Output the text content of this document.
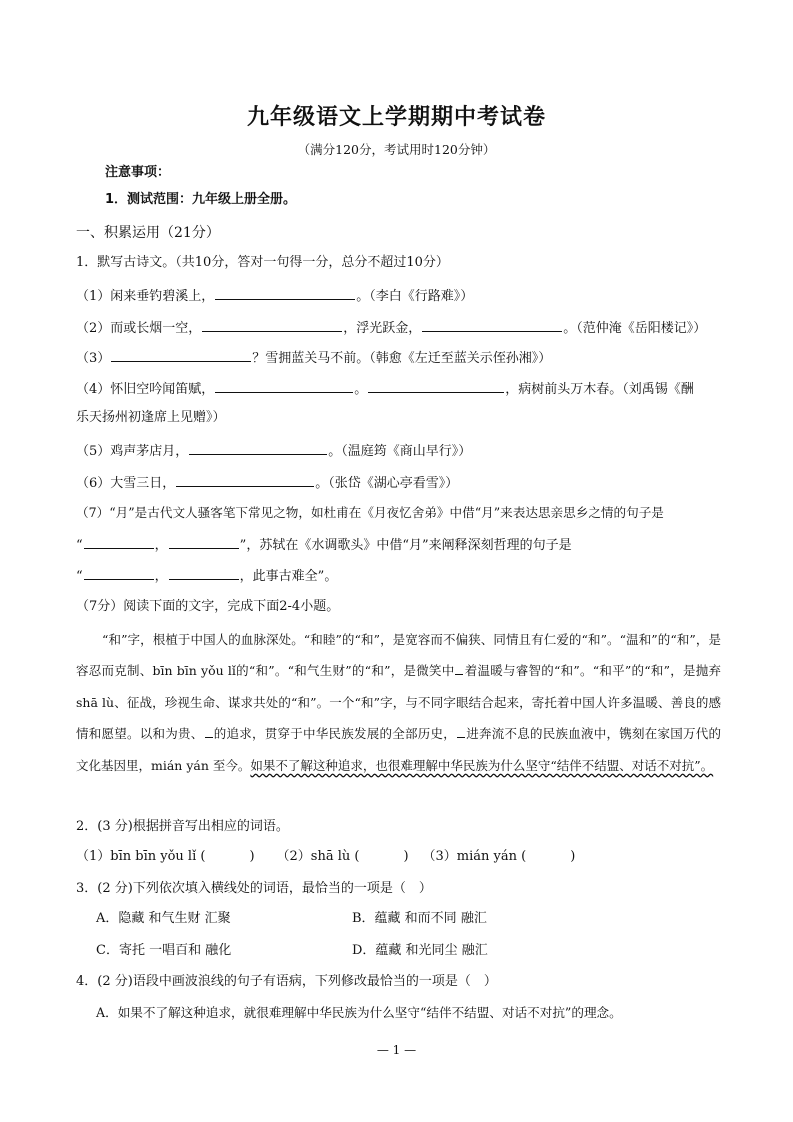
九年级语文上学期期中考试卷
（满分120分，考试用时120分钟）
注意事项：
1．测试范围：九年级上册全册。
一、积累运用（21分）
1．默写古诗文。（共10分，答对一句得一分，总分不超过10分）
（1）闲来垂钓碧溪上，	。（李白《行路难》）
（2）而或长烟一空，	，浮光跃金，	。（范仲淹《岳阳楼记》）
（3）	？雪拥蓝关马不前。（韩愈《左迁至蓝关示侄孙湘》）
（4）怀旧空吟闻笛赋，	。	，病树前头万木春。（刘禹锡《酬
乐天扬州初逢席上见赠》）
（5）鸡声茅店月，	。（温庭筠《商山早行》）
（6）大雪三日，	。（张岱《湖心亭看雪》）
（7）“月”是古代文人骚客笔下常见之物，如杜甫在《月夜忆舍弟》中借“月”来表达思亲思乡之情的句子是
“	，	”，苏轼在《水调歌头》中借“月”来阐释深刻哲理的句子是
“	，	，此事古难全”。
（7分）阅读下面的文字，完成下面2-4小题。
“和”字，根植于中国人的血脉深处。“和睦”的“和”，是宽容而不偏狭、同情且有仁爱的“和”。“温和”的“和”，是容忍而克制、bīn bīn yǒu lǐ的“和”。“和气生财”的“和”，是微笑中 着温暖与睿智的“和”。“和平”的“和”，是抛弃 shā lù、征战，珍视生命、谋求共处的“和”。一个“和”字，与不同字眼结合起来，寄托着中国人许多温暖、善良的感情和愿望。以和为贵、 的追求，贯穿于中华民族发展的全部历史， 进奔流不息的民族血液中，镌刻在家国万代的文化基因里，mián yán 至今。如果不了解这种追求，也很难理解中华民族为什么坚守“结伴不结盟、对话不对抗”。
2．(3 分)根据拼音写出相应的词语。
（1）bīn bīn yǒu lǐ (	) （2）shā lù (	) （3）mián yán (	)
3．(2 分)下列依次填入横线处的词语，最恰当的一项是（　）
A．隐藏 和气生财 汇聚	B．蕴藏 和而不同 融汇
C．寄托 一唱百和 融化	D．蕴藏 和光同尘 融汇
4．(2 分)语段中画波浪线的句子有语病，下列修改最恰当的一项是（　）
A．如果不了解这种追求，就很难理解中华民族为什么坚守“结伴不结盟、对话不对抗”的理念。
— 1 —
